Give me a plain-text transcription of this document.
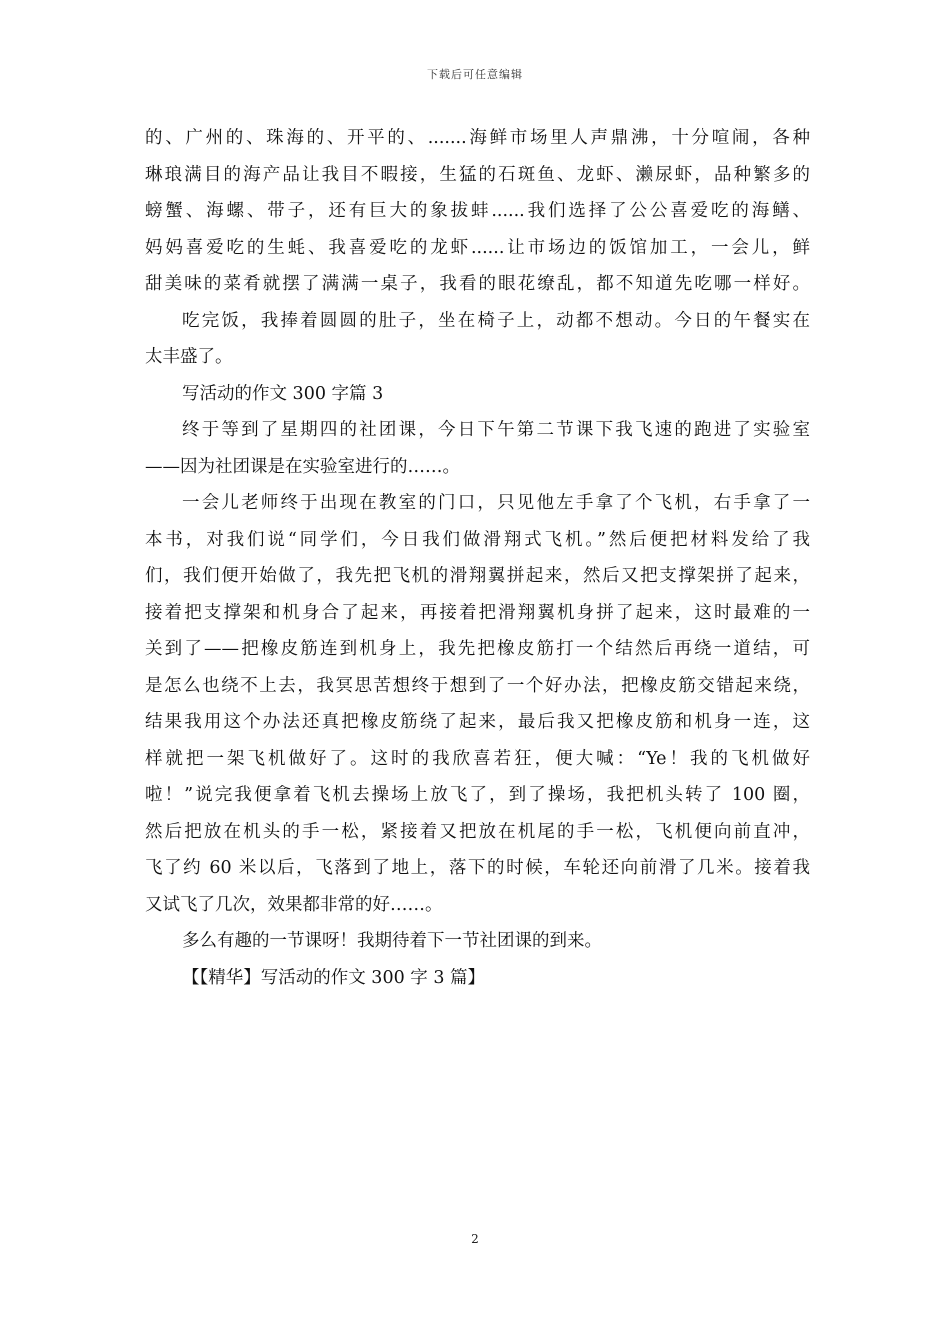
下载后可任意编辑
的、广州的、珠海的、开平的、.......海鲜市场里人声鼎沸，十分喧闹，各种
琳琅满目的海产品让我目不暇接，生猛的石斑鱼、龙虾、濑尿虾，品种繁多的
螃蟹、海螺、带子，还有巨大的象拔蚌......我们选择了公公喜爱吃的海鳝、
妈妈喜爱吃的生蚝、我喜爱吃的龙虾......让市场边的饭馆加工，一会儿，鲜
甜美味的菜肴就摆了满满一桌子，我看的眼花缭乱，都不知道先吃哪一样好。
吃完饭，我捧着圆圆的肚子，坐在椅子上，动都不想动。今日的午餐实在
太丰盛了。
写活动的作文 300 字篇 3
终于等到了星期四的社团课，今日下午第二节课下我飞速的跑进了实验室
——因为社团课是在实验室进行的……。
一会儿老师终于出现在教室的门口，只见他左手拿了个飞机，右手拿了一
本书，对我们说“同学们，今日我们做滑翔式飞机。”然后便把材料发给了我
们，我们便开始做了，我先把飞机的滑翔翼拼起来，然后又把支撑架拼了起来，
接着把支撑架和机身合了起来，再接着把滑翔翼机身拼了起来，这时最难的一
关到了——把橡皮筋连到机身上，我先把橡皮筋打一个结然后再绕一道结，可
是怎么也绕不上去，我冥思苦想终于想到了一个好办法，把橡皮筋交错起来绕，
结果我用这个办法还真把橡皮筋绕了起来，最后我又把橡皮筋和机身一连，这
样就把一架飞机做好了。这时的我欣喜若狂，便大喊：“Ye！我的飞机做好
啦！”说完我便拿着飞机去操场上放飞了，到了操场，我把机头转了 100 圈，
然后把放在机头的手一松，紧接着又把放在机尾的手一松，飞机便向前直冲，
飞了约 60 米以后，飞落到了地上，落下的时候，车轮还向前滑了几米。接着我
又试飞了几次，效果都非常的好……。
多么有趣的一节课呀！我期待着下一节社团课的到来。
【【精华】写活动的作文 300 字 3 篇】
2
